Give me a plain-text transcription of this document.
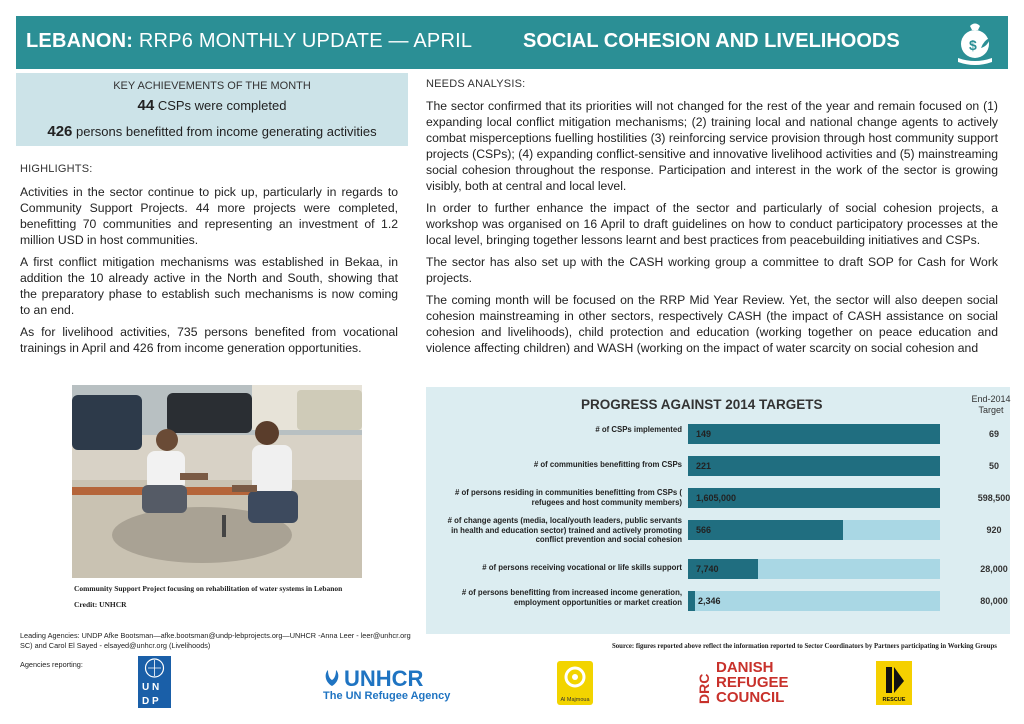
LEBANON: RRP6 MONTHLY UPDATE — APRIL	SOCIAL COHESION AND LIVELIHOODS	$
KEY ACHIEVEMENTS OF THE MONTH
44 CSPs were completed
426 persons benefitted from income generating activities
HIGHLIGHTS:

Activities in the sector continue to pick up, particularly in regards to Community Support Projects. 44 more projects were completed, benefitting 70 communities and representing an investment of 1.2 million USD in host communities.

A first conflict mitigation mechanisms was established in Bekaa, in addition the 10 already active in the North and South, showing that the preparatory phase to establish such mechanisms is now coming to an end.

As for livelihood activities, 735 persons benefited from vocational trainings in April and 426 from income generation opportunities.

NEEDS ANALYSIS:

The sector confirmed that its priorities will not changed for the rest of the year and remain focused on (1) expanding local conflict mitigation mechanisms; (2) training local and national change agents to actively combat misperceptions fuelling hostilities (3) reinforcing service provision through host community support projects (CSPs); (4) expanding conflict-sensitive and innovative livelihood activities and (5) mainstreaming social cohesion throughout the response. Participation and interest in the work of the sector is growing visibly, both at central and local level.

In order to further enhance the impact of the sector and particularly of social cohesion projects, a workshop was organised on 16 April to draft guidelines on how to conduct participatory processes at the local level, bringing together lessons learnt and best practices from peacebuilding initiatives and CSPs.

The sector has also set up with the CASH working group a committee to draft SOP for Cash for Work projects.

The coming month will be focused on the RRP Mid Year Review. Yet, the sector will also deepen social cohesion mainstreaming in other sectors, respectively CASH (the impact of CASH assistance on social cohesion and livelihoods), child protection and education (working together on peace education and violence affecting children) and WASH (working on the impact of water scarcity on social cohesion and

Community Support Project focusing on rehabilitation of water systems in Lebanon
Credit: UNHCR
PROGRESS AGAINST 2014 TARGETS	End-2014 Target
# of CSPs implemented 149	69
# of communities benefitting from CSPs 221	50
# of persons residing in communities benefitting from CSPs ( refugees and host community members) 1,605,000	598,500
# of change agents (media, local/youth leaders, public servants in health and education sector) trained and actively promoting conflict prevention and social cohesion
566	920
# of persons receiving vocational or life skills support 7,740	28,000
# of persons benefitting from increased income generation, employment opportunities or market creation 2,346	80,000
Source: figures reported above reflect the information reported to Sector Coordinators by Partners participating in Working Groups
Leading Agencies: UNDP Afke Bootsman—afke.bootsman@undp-lebprojects.org—UNHCR -Anna Leer - leer@unhcr.org SC) and Carol El Sayed - elsayed@unhcr.org (Livelihoods)
Agencies reporting:
U N
D P
UNHCR
The UN Refugee Agency	Al Majmoua	DRC
DANISH
REFUGEE
COUNCIL	RESCUE
